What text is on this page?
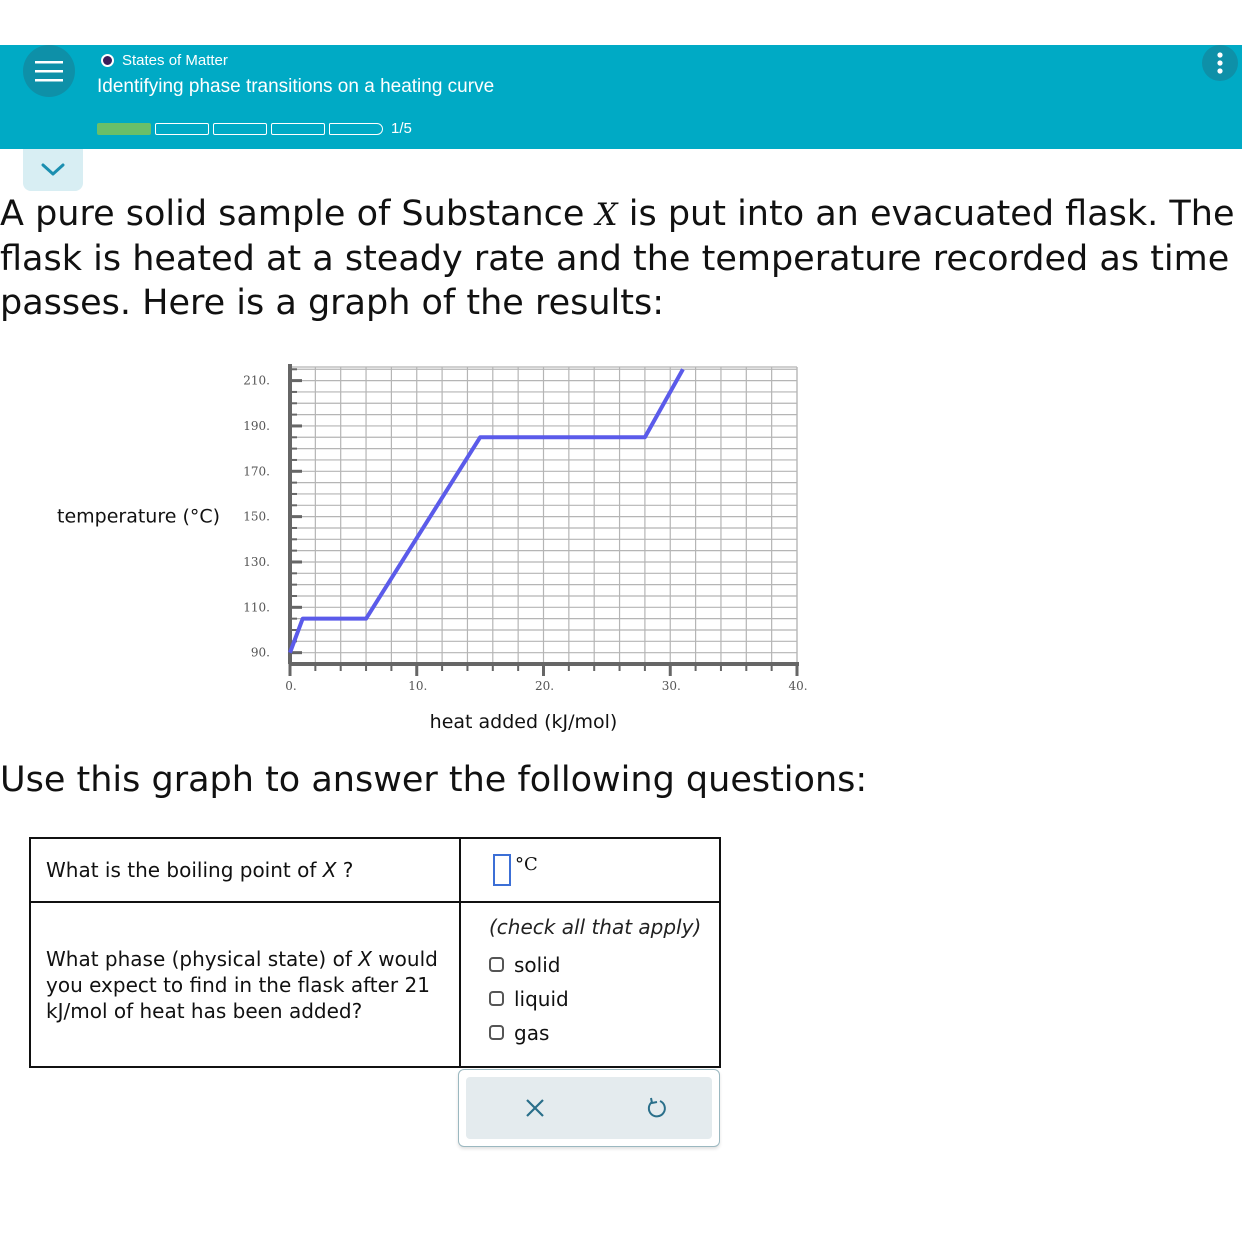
States of Matter
Identifying phase transitions on a heating curve
1/5
A pure solid sample of Substance X is put into an evacuated flask. The flask is heated at a steady rate and the temperature recorded as time passes. Here is a graph of the results:
90.
110.
130.
150.
170.
190.
210.
0.	10.	20.	30.	40.
temperature (°C)
heat added (kJ/mol)
Use this graph to answer the following questions:
What is the boiling point of X ?	°C
What phase (physical state) of X would you expect to find in the flask after 21 kJ/mol of heat has been added?	(check all that apply)
solid
liquid
gas
